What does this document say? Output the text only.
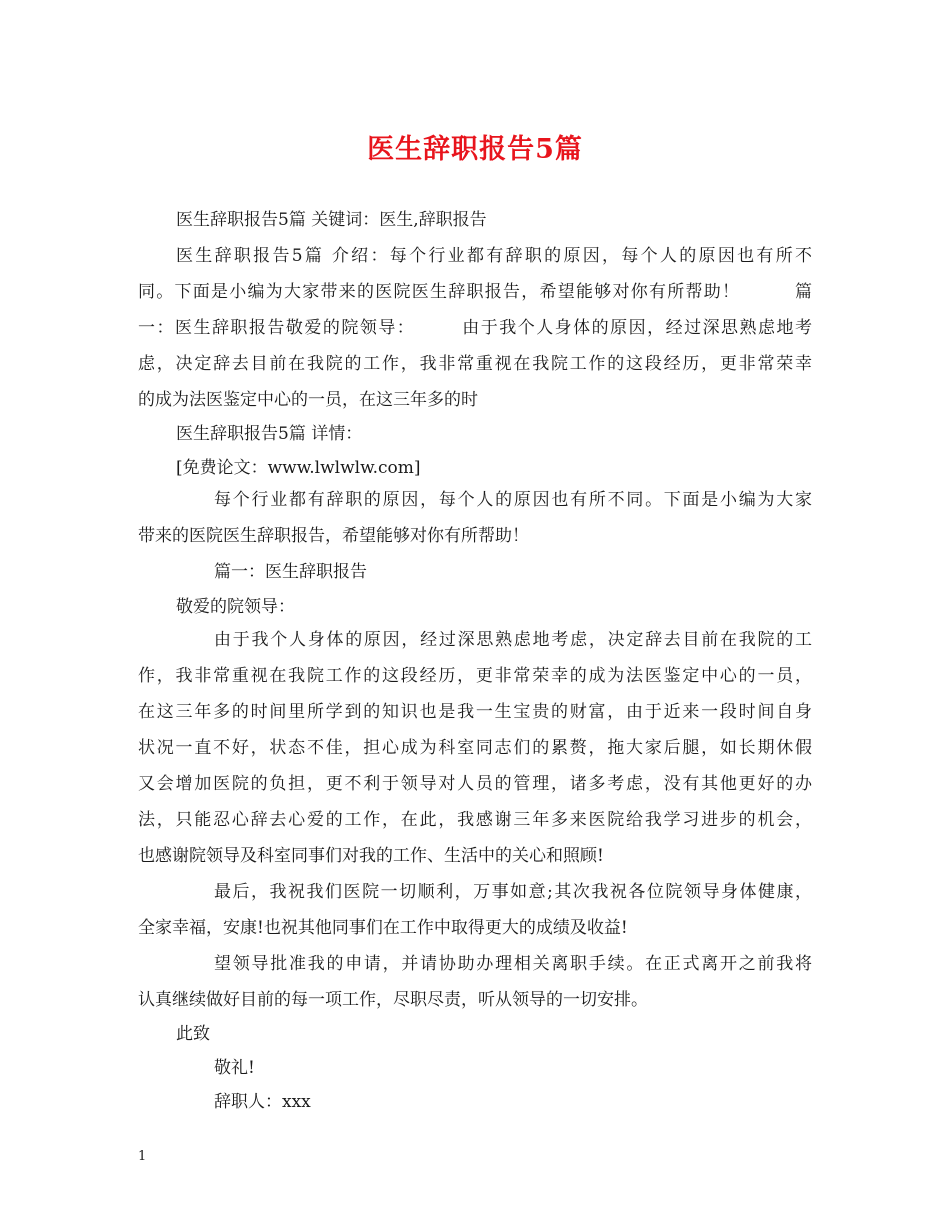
医生辞职报告5篇
医生辞职报告5篇 关键词：医生,辞职报告
医生辞职报告5篇 介绍：每个行业都有辞职的原因，每个人的原因也有所不
同。下面是小编为大家带来的医院医生辞职报告，希望能够对你有所帮助！　　　篇
一：医生辞职报告敬爱的院领导：　　　由于我个人身体的原因，经过深思熟虑地考
虑，决定辞去目前在我院的工作，我非常重视在我院工作的这段经历，更非常荣幸
的成为法医鉴定中心的一员，在这三年多的时
医生辞职报告5篇 详情：
[免费论文：www.lwlwlw.com]
每个行业都有辞职的原因，每个人的原因也有所不同。下面是小编为大家
带来的医院医生辞职报告，希望能够对你有所帮助！
篇一：医生辞职报告
敬爱的院领导：
由于我个人身体的原因，经过深思熟虑地考虑，决定辞去目前在我院的工
作，我非常重视在我院工作的这段经历，更非常荣幸的成为法医鉴定中心的一员，
在这三年多的时间里所学到的知识也是我一生宝贵的财富，由于近来一段时间自身
状况一直不好，状态不佳，担心成为科室同志们的累赘，拖大家后腿，如长期休假
又会增加医院的负担，更不利于领导对人员的管理，诸多考虑，没有其他更好的办
法，只能忍心辞去心爱的工作，在此，我感谢三年多来医院给我学习进步的机会，
也感谢院领导及科室同事们对我的工作、生活中的关心和照顾!
最后，我祝我们医院一切顺利，万事如意;其次我祝各位院领导身体健康，
全家幸福，安康!也祝其他同事们在工作中取得更大的成绩及收益!
望领导批准我的申请，并请协助办理相关离职手续。在正式离开之前我将
认真继续做好目前的每一项工作，尽职尽责，听从领导的一切安排。
此致
敬礼!
辞职人：xxx
1
